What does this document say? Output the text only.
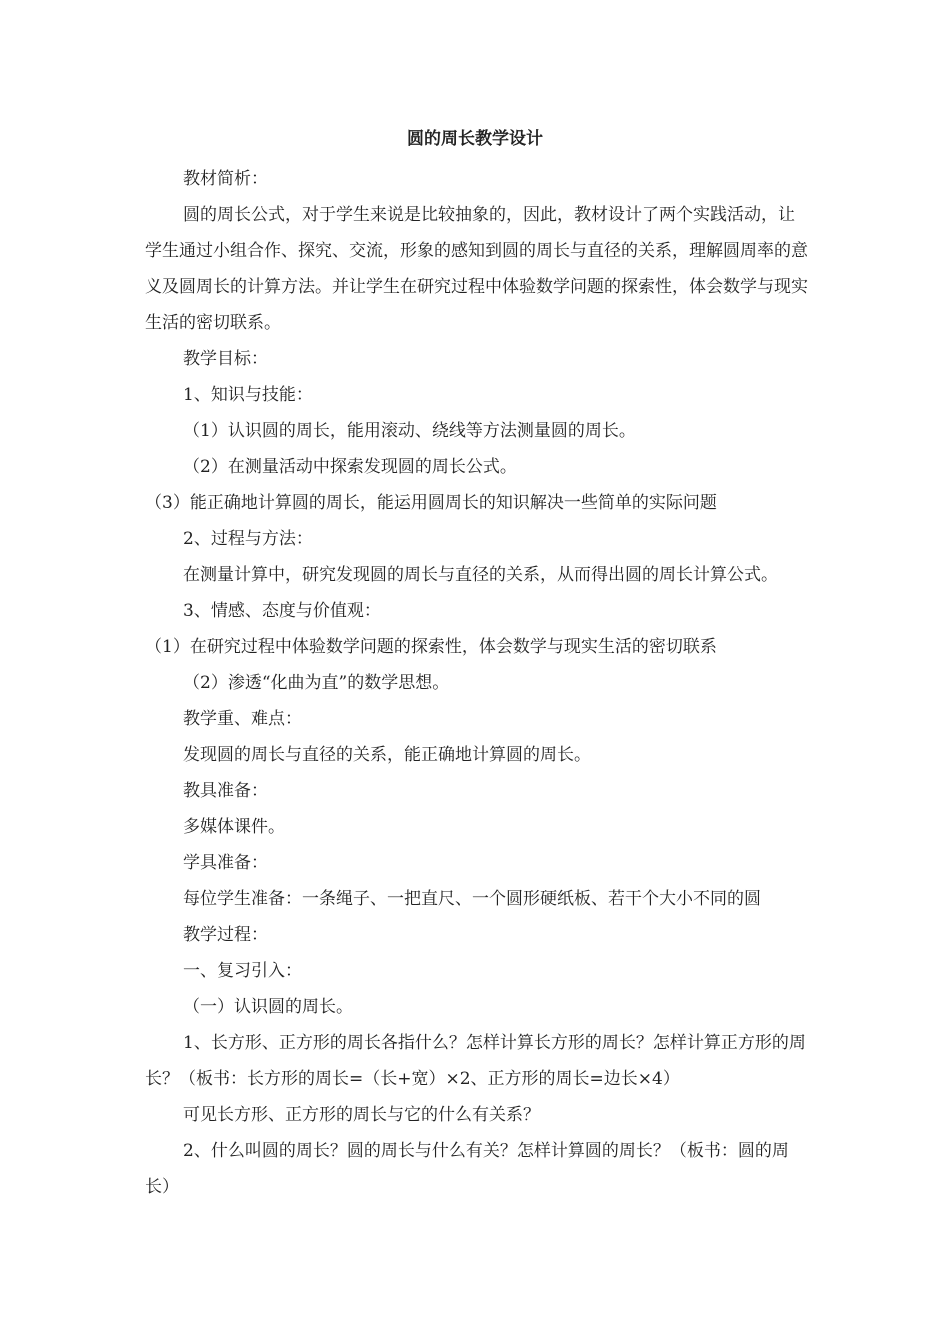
圆的周长教学设计

教材简析：

圆的周长公式，对于学生来说是比较抽象的，因此，教材设计了两个实践活动，让学生通过小组合作、探究、交流，形象的感知到圆的周长与直径的关系，理解圆周率的意义及圆周长的计算方法。并让学生在研究过程中体验数学问题的探索性，体会数学与现实生活的密切联系。

教学目标：

1、知识与技能：

（1）认识圆的周长，能用滚动、绕线等方法测量圆的周长。

（2）在测量活动中探索发现圆的周长公式。

（3）能正确地计算圆的周长，能运用圆周长的知识解决一些简单的实际问题

2、过程与方法：

在测量计算中，研究发现圆的周长与直径的关系，从而得出圆的周长计算公式。

3、情感、态度与价值观：

（1）在研究过程中体验数学问题的探索性，体会数学与现实生活的密切联系

（2）渗透“化曲为直”的数学思想。

教学重、难点：

发现圆的周长与直径的关系，能正确地计算圆的周长。

教具准备：

多媒体课件。

学具准备：

每位学生准备：一条绳子、一把直尺、一个圆形硬纸板、若干个大小不同的圆

教学过程：

一、复习引入：

（一）认识圆的周长。

1、长方形、正方形的周长各指什么？怎样计算长方形的周长？怎样计算正方形的周长？（板书：长方形的周长=（长+宽）×2、正方形的周长=边长×4）

可见长方形、正方形的周长与它的什么有关系？

2、什么叫圆的周长？圆的周长与什么有关？怎样计算圆的周长？（板书：圆的周长）
